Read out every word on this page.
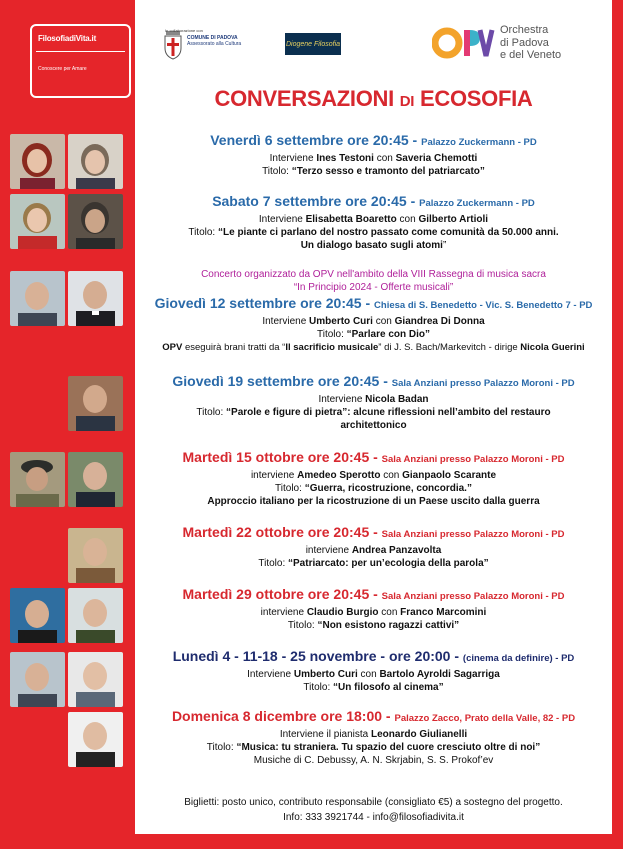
FilosofiadiVita.it
Conoscere per Amare
In collaborazione con
COMUNE DI PADOVA
Assessorato alla Cultura	Diogene Filosofia
Orchestra
di Padova
e del Veneto
CONVERSAZIONI DI ECOSOFIA
Venerdì 6 settembre ore 20:45 - Palazzo Zuckermann - PD
Interviene Ines Testoni con Saveria Chemotti
Titolo: “Terzo sesso e tramonto del patriarcato”
Sabato 7 settembre ore 20:45 - Palazzo Zuckermann - PD
Interviene Elisabetta Boaretto con Gilberto Artioli
Titolo: “Le piante ci parlano del nostro passato come comunità da 50.000 anni.
Un dialogo basato sugli atomi”
Concerto organizzato da OPV nell'ambito della VIII Rassegna di musica sacra
“In Principio 2024 - Offerte musicali”
Giovedì 12 settembre ore 20:45 - Chiesa di S. Benedetto - Vic. S. Benedetto 7 - PD
Interviene Umberto Curi con Giandrea Di Donna
Titolo: “Parlare con Dio”
OPV eseguirà brani tratti da “Il sacrificio musicale” di J. S. Bach/Markevitch - dirige Nicola Guerini
Giovedì 19 settembre ore 20:45 - Sala Anziani presso Palazzo Moroni - PD
Interviene Nicola Badan
Titolo: “Parole e figure di pietra”: alcune riflessioni nell’ambito del restauro
architettonico
Martedì 15 ottobre ore 20:45 - Sala Anziani presso Palazzo Moroni - PD
interviene Amedeo Sperotto con Gianpaolo Scarante
Titolo: “Guerra, ricostruzione, concordia.”
Approccio italiano per la ricostruzione di un Paese uscito dalla guerra
Martedì 22 ottobre ore 20:45 - Sala Anziani presso Palazzo Moroni - PD
interviene Andrea Panzavolta
Titolo: “Patriarcato: per un’ecologia della parola”
Martedì 29 ottobre ore 20:45 - Sala Anziani presso Palazzo Moroni - PD
interviene Claudio Burgio con Franco Marcomini
Titolo: “Non esistono ragazzi cattivi”
Lunedì 4 - 11-18 - 25 novembre - ore 20:00 - (cinema da definire) - PD
Interviene Umberto Curi con Bartolo Ayroldi Sagarriga
Titolo: “Un filosofo al cinema”
Domenica 8 dicembre ore 18:00 - Palazzo Zacco, Prato della Valle, 82 - PD
Interviene il pianista Leonardo Giulianelli
Titolo: “Musica: tu straniera. Tu spazio del cuore cresciuto oltre di noi”
Musiche di C. Debussy, A. N. Skrjabin, S. S. Prokof’ev
Biglietti: posto unico, contributo responsabile (consigliato €5) a sostegno del progetto.
Info: 333 3921744 - info@filosofiadivita.it
